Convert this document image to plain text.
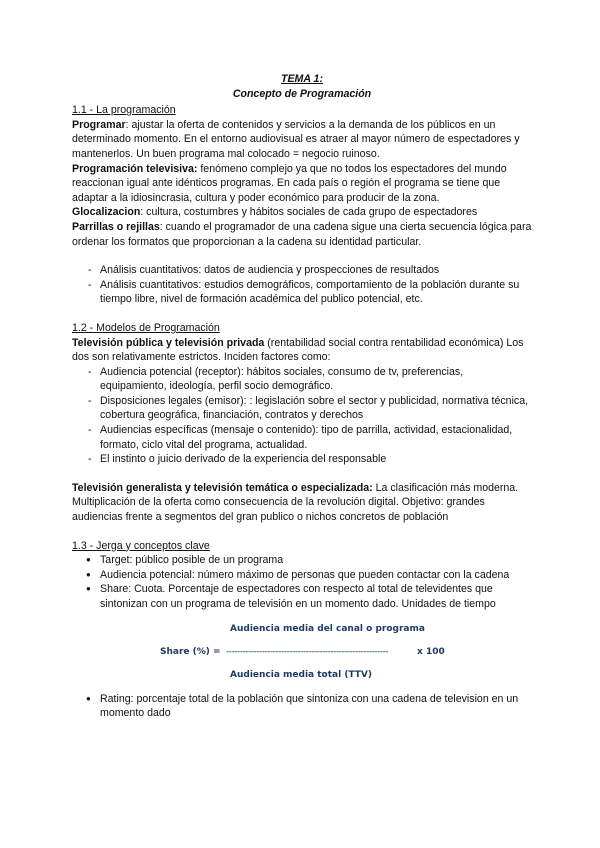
TEMA 1:
Concepto de Programación
1.1 - La programación

Programar: ajustar la oferta de contenidos y servicios a la demanda de los públicos en un determinado momento. En el entorno audiovisual es atraer al mayor número de espectadores y mantenerlos. Un buen programa mal colocado = negocio ruinoso.

Programación televisiva: fenómeno complejo ya que no todos los espectadores del mundo reaccionan igual ante idénticos programas. En cada país o región el programa se tiene que adaptar a la idiosincrasia, cultura y poder económico para producir de la zona.

Glocalizacion: cultura, costumbres y hábitos sociales de cada grupo de espectadores

Parrillas o rejillas: cuando el programador de una cadena sigue una cierta secuencia lógica para ordenar los formatos que proporcionan a la cadena su identidad particular.

- Análisis cuantitativos: datos de audiencia y prospecciones de resultados
- Análisis cuantitativos: estudios demográficos, comportamiento de la población durante su tiempo libre, nivel de formación académica del publico potencial, etc.
1.2 - Modelos de Programación

Televisión pública y televisión privada (rentabilidad social contra rentabilidad económica) Los dos son relativamente estrictos. Inciden factores como:

- Audiencia potencial (receptor): hábitos sociales, consumo de tv, preferencias, equipamiento, ideología, perfil socio demográfico.
- Disposiciones legales (emisor): : legislación sobre el sector y publicidad, normativa técnica, cobertura geográfica, financiación, contratos y derechos
- Audiencias específicas (mensaje o contenido): tipo de parrilla, actividad, estacionalidad, formato, ciclo vital del programa, actualidad.
- El instinto o juicio derivado de la experiencia del responsable

Televisión generalista y televisión temática o especializada: La clasificación más moderna. Multiplicación de la oferta como consecuencia de la revolución digital. Objetivo: grandes audiencias frente a segmentos del gran publico o nichos concretos de población

1.3 - Jerga y conceptos clave
● Target: público posible de un programa
● Audiencia potencial: número máximo de personas que pueden contactar con la cadena
● Share: Cuota. Porcentaje de espectadores con respecto al total de televidentes que sintonizan con un programa de televisión en un momento dado. Unidades de tiempo
Audiencia media del canal o programa
Share (%) = -----------------------------------------------------------	x 100
Audiencia media total (TTV)
● Rating: porcentaje total de la población que sintoniza con una cadena de television en un momento dado
